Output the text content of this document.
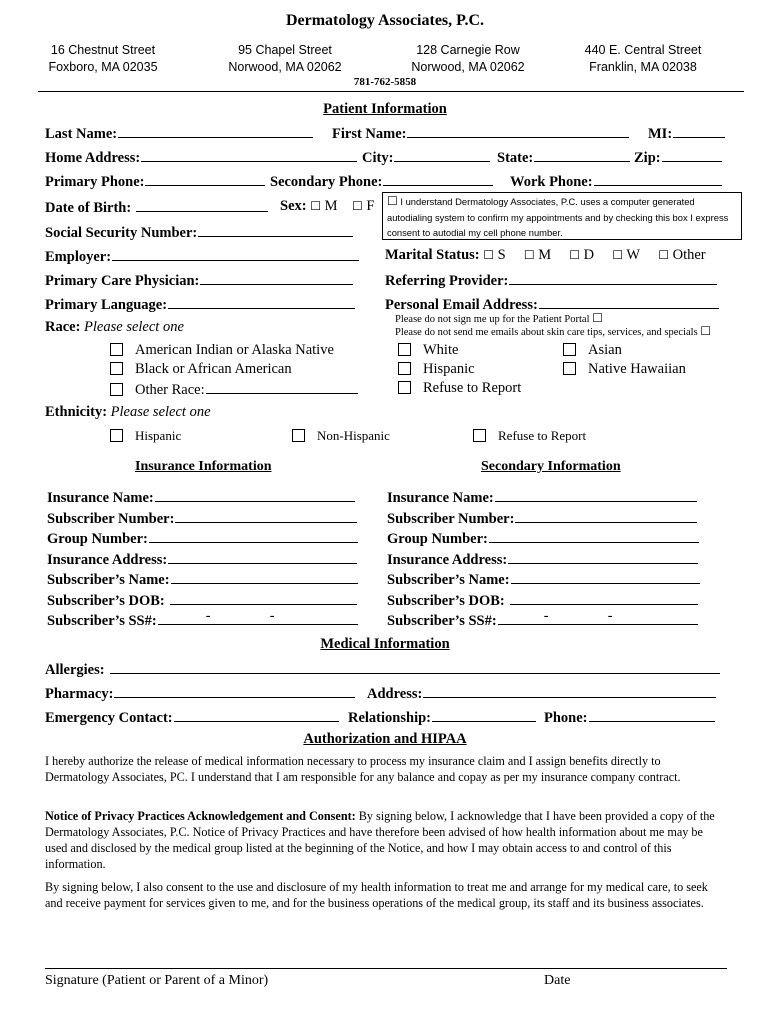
Dermatology Associates, P.C.
16 Chestnut Street
Foxboro, MA 02035
95 Chapel Street
Norwood, MA 02062
128 Carnegie Row
Norwood, MA 02062
440 E. Central Street
Franklin, MA 02038
781-762-5858
Patient Information
Last Name:	First Name:	MI:
Home Address:	City:	State:	Zip:
Primary Phone:	Secondary Phone:	Work Phone:
Date of Birth:	Sex: ☐ M ☐ F	☐ I understand Dermatology Associates, P.C. uses a computer generated autodialing system to confirm my appointments and by checking this box I express consent to autodial my cell phone number.
Social Security Number:
Employer:	Marital Status: ☐ S ☐ M ☐ D ☐ W ☐ Other
Primary Care Physician:	Referring Provider:
Primary Language:	Personal Email Address:
Please do not sign me up for the Patient Portal ☐
Please do not send me emails about skin care tips, services, and specials ☐
Race: Please select one
American Indian or Alaska Native
Black or African American
Other Race:
White
Hispanic
Refuse to Report
Asian
Native Hawaiian
Ethnicity: Please select one
Hispanic	Non-Hispanic	Refuse to Report
Insurance Information	Secondary Information
Insurance Name:
Subscriber Number:
Group Number:
Insurance Address:
Subscriber’s Name:
Subscriber’s DOB:
Subscriber’s SS#:	-	-
Insurance Name:
Subscriber Number:
Group Number:
Insurance Address:
Subscriber’s Name:
Subscriber’s DOB:
Subscriber’s SS#:	-	-
Medical Information
Allergies:
Pharmacy:	Address:
Emergency Contact:	Relationship:	Phone:
Authorization and HIPAA
I hereby authorize the release of medical information necessary to process my insurance claim and I assign benefits directly to Dermatology Associates, PC. I understand that I am responsible for any balance and copay as per my insurance company contract.
Notice of Privacy Practices Acknowledgement and Consent: By signing below, I acknowledge that I have been provided a copy of the Dermatology Associates, P.C. Notice of Privacy Practices and have therefore been advised of how health information about me may be used and disclosed by the medical group listed at the beginning of the Notice, and how I may obtain access to and control of this information.
By signing below, I also consent to the use and disclosure of my health information to treat me and arrange for my medical care, to seek and receive payment for services given to me, and for the business operations of the medical group, its staff and its business associates.
Signature (Patient or Parent of a Minor)	Date
